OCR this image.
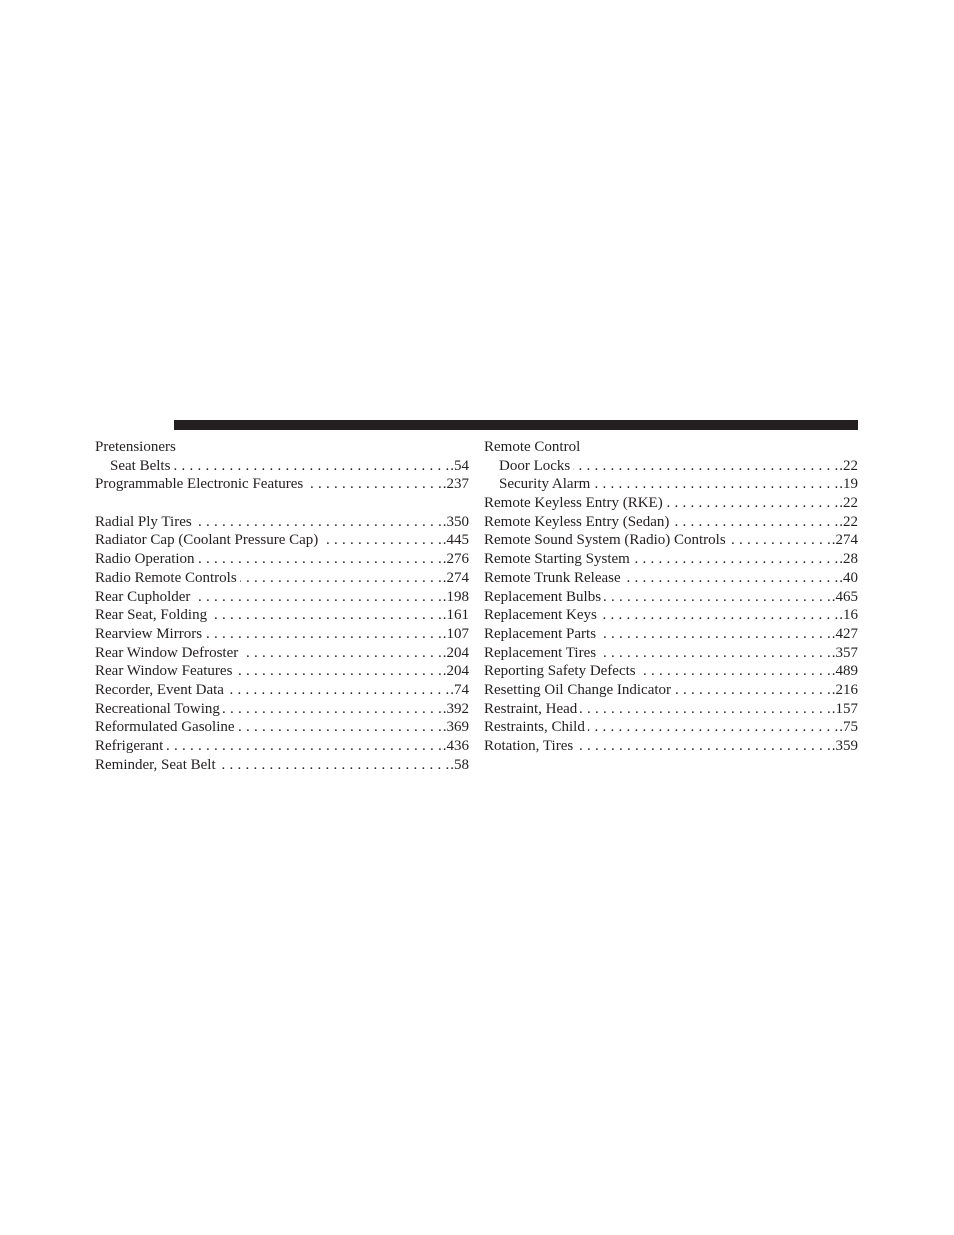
Pretensioners
Seat Belts . . .	.54
Programmable Electronic Features . . .	.237
Radial Ply Tires . . .	.350
Radiator Cap (Coolant Pressure Cap) . . .	.445
Radio Operation . . .	.276
Radio Remote Controls . . .	.274
Rear Cupholder . . .	.198
Rear Seat, Folding . . .	.161
Rearview Mirrors . . .	.107
Rear Window Defroster . . .	.204
Rear Window Features . . .	.204
Recorder, Event Data . . .	.74
Recreational Towing . . .	.392
Reformulated Gasoline . . .	.369
Refrigerant . . .	.436
Reminder, Seat Belt . . .	.58
Remote Control
Door Locks . . .	.22
Security Alarm . . .	.19
Remote Keyless Entry (RKE) . . .	.22
Remote Keyless Entry (Sedan) . . .	.22
Remote Sound System (Radio) Controls . . .	.274
Remote Starting System . . .	.28
Remote Trunk Release . . .	.40
Replacement Bulbs . . .	.465
Replacement Keys . . .	.16
Replacement Parts . . .	.427
Replacement Tires . . .	.357
Reporting Safety Defects . . .	.489
Resetting Oil Change Indicator . . .	.216
Restraint, Head . . .	.157
Restraints, Child . . .	.75
Rotation, Tires . . .	.359
